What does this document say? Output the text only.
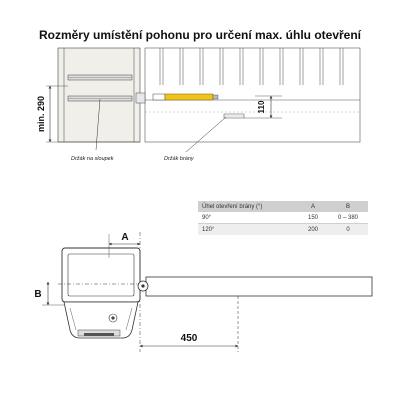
Rozměry umístění pohonu pro určení max. úhlu otevření
min. 290	110
Držák na sloupek	Držák brány
A
B
450
Úhel otevření brány (°)	A	B
90°	150	0 – 380
120°	200	0
